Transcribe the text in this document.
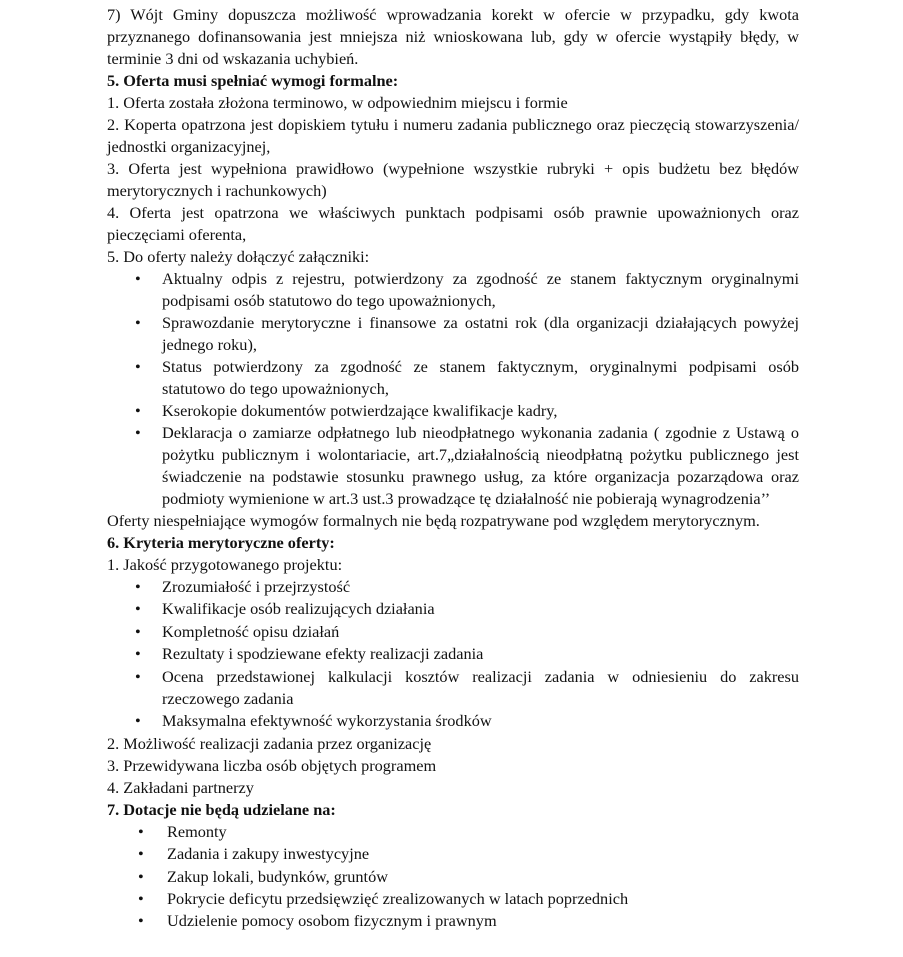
7) Wójt Gminy dopuszcza możliwość wprowadzania korekt w ofercie w przypadku, gdy kwota przyznanego dofinansowania jest mniejsza niż wnioskowana lub, gdy w ofercie wystąpiły błędy, w terminie 3 dni od wskazania uchybień.

5. Oferta musi spełniać wymogi formalne:

1. Oferta została złożona terminowo, w odpowiednim miejscu i formie

2. Koperta opatrzona jest dopiskiem tytułu i numeru zadania publicznego oraz pieczęcią stowarzyszenia/ jednostki organizacyjnej,

3. Oferta jest wypełniona prawidłowo (wypełnione wszystkie rubryki + opis budżetu bez błędów merytorycznych i rachunkowych)

4. Oferta jest opatrzona we właściwych punktach podpisami osób prawnie upoważnionych oraz pieczęciami oferenta,

5. Do oferty należy dołączyć załączniki:

• Aktualny odpis z rejestru, potwierdzony za zgodność ze stanem faktycznym oryginalnymi podpisami osób statutowo do tego upoważnionych,
• Sprawozdanie merytoryczne i finansowe za ostatni rok (dla organizacji działających powyżej jednego roku),
• Status potwierdzony za zgodność ze stanem faktycznym, oryginalnymi podpisami osób statutowo do tego upoważnionych,
• Kserokopie dokumentów potwierdzające kwalifikacje kadry,
• Deklaracja o zamiarze odpłatnego lub nieodpłatnego wykonania zadania ( zgodnie z Ustawą o pożytku publicznym i wolontariacie, art.7„działalnością nieodpłatną pożytku publicznego jest świadczenie na podstawie stosunku prawnego usług, za które organizacja pozarządowa oraz podmioty wymienione w art.3 ust.3 prowadzące tę działalność nie pobierają wynagrodzenia’’

Oferty niespełniające wymogów formalnych nie będą rozpatrywane pod względem merytorycznym.

6. Kryteria merytoryczne oferty:

1. Jakość przygotowanego projektu:

• Zrozumiałość i przejrzystość
• Kwalifikacje osób realizujących działania
• Kompletność opisu działań
• Rezultaty i spodziewane efekty realizacji zadania
• Ocena przedstawionej kalkulacji kosztów realizacji zadania w odniesieniu do zakresu rzeczowego zadania
• Maksymalna efektywność wykorzystania środków

2. Możliwość realizacji zadania przez organizację

3. Przewidywana liczba osób objętych programem

4. Zakładani partnerzy

7. Dotacje nie będą udzielane na:
• Remonty
• Zadania i zakupy inwestycyjne
• Zakup lokali, budynków, gruntów
• Pokrycie deficytu przedsięwzięć zrealizowanych w latach poprzednich
• Udzielenie pomocy osobom fizycznym i prawnym
